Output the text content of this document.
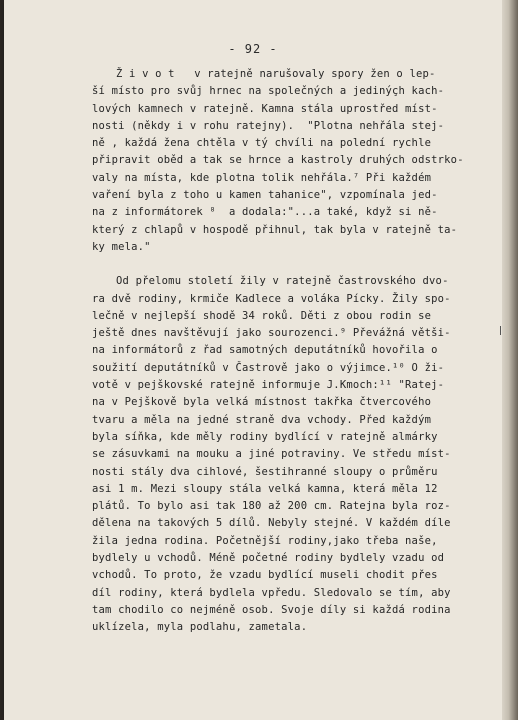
- 92 -

Ž i v o t   v ratejně narušovaly spory žen o lep-
ší místo pro svůj hrnec na společných a jedinýçh kach-
lových kamnech v ratejně. Kamna stála uprostřed míst-
nosti (někdy i v rohu ratejny).  "Plotna nehřála stej-
ně , každá žena chtěla v tý chvíli na polední rychle
připravit oběd a tak se hrnce a kastroly druhých odstrko-
valy na místa, kde plotna tolik nehřála.⁷ Při každém
vaření byla z toho u kamen tahanice", vzpomínala jed-
na z informátorek ⁸  a dodala:"...a také, když si ně-
který z chlapů v hospodě přihnul, tak byla v ratejně ta-
ky mela."

Od přelomu století žily v ratejně častrovského dvo-
ra dvě rodiny, krmiče Kadlece a voláka Pícky. Žily spo-
lečně v nejlepší shodě 34 roků. Děti z obou rodin se
ještě dnes navštěvují jako sourozenci.⁹ Převážná větši-
na informátorů z řad samotných deputátníků hovořila o
soužití deputátníků v Častrově jako o výjimce.¹⁰ O ži-
votě v pejškovské ratejně informuje J.Kmoch:¹¹ "Ratej-
na v Pejškově byla velká místnost takřka čtvercového
tvaru a měla na jedné straně dva vchody. Před každým
byla síňka, kde měly rodiny bydlící v ratejně almárky
se zásuvkami na mouku a jiné potraviny. Ve středu míst-
nosti stály dva cihlové, šestihranné sloupy o průměru
asi 1 m. Mezi sloupy stála velká kamna, která měla 12
plátů. To bylo asi tak 180 až 200 cm. Ratejna byla roz-
dělena na takových 5 dílů. Nebyly stejné. V každém díle
žila jedna rodina. Početnější rodiny,jako třeba naše,
bydlely u vchodů. Méně početné rodiny bydlely vzadu od
vchodů. To proto, že vzadu bydlící museli chodit přes
díl rodiny, která bydlela vpředu. Sledovalo se tím, aby
tam chodilo co nejméně osob. Svoje díly si každá rodina
uklízela, myla podlahu, zametala.
